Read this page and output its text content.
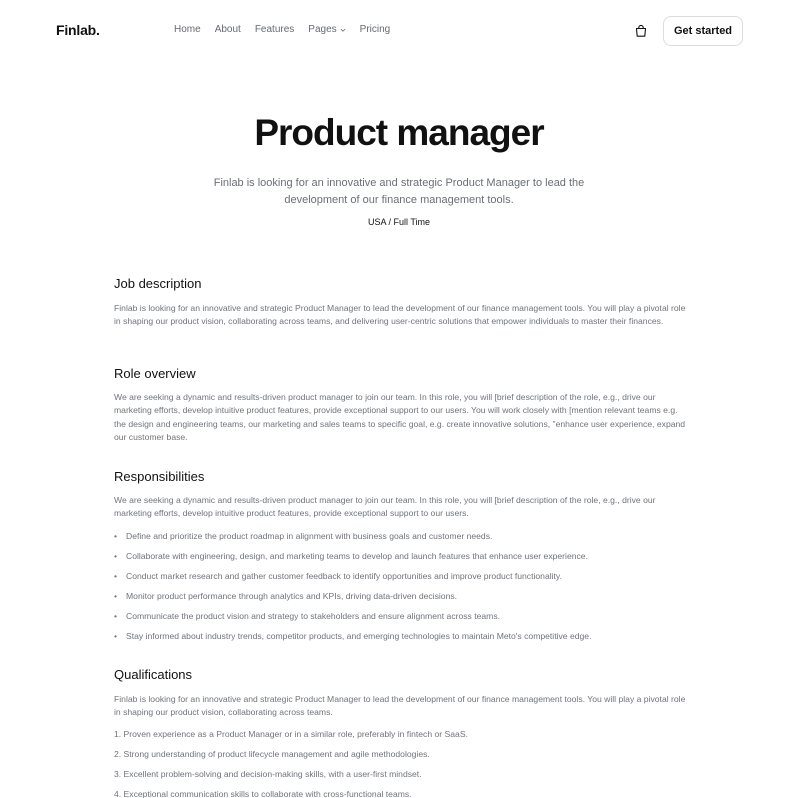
Finlab.	Home About Features Pages Pricing	Get started
Product manager

Finlab is looking for an innovative and strategic Product Manager to lead the development of our finance management tools.

USA / Full Time
Job description

Finlab is looking for an innovative and strategic Product Manager to lead the development of our finance management tools. You will play a pivotal role in shaping our product vision, collaborating across teams, and delivering user-centric solutions that empower individuals to master their finances.

Role overview

We are seeking a dynamic and results-driven product manager to join our team. In this role, you will [brief description of the role, e.g., drive our marketing efforts, develop intuitive product features, provide exceptional support to our users. You will work closely with [mention relevant teams e.g. the design and engineering teams, our marketing and sales teams to specific goal, e.g. create innovative solutions, "enhance user experience, expand our customer base.

Responsibilities

We are seeking a dynamic and results-driven product manager to join our team. In this role, you will [brief description of the role, e.g., drive our marketing efforts, develop intuitive product features, provide exceptional support to our users.

• Define and prioritize the product roadmap in alignment with business goals and customer needs.
• Collaborate with engineering, design, and marketing teams to develop and launch features that enhance user experience.
• Conduct market research and gather customer feedback to identify opportunities and improve product functionality.
• Monitor product performance through analytics and KPIs, driving data-driven decisions.
• Communicate the product vision and strategy to stakeholders and ensure alignment across teams.
• Stay informed about industry trends, competitor products, and emerging technologies to maintain Meto's competitive edge.
Qualifications

Finlab is looking for an innovative and strategic Product Manager to lead the development of our finance management tools. You will play a pivotal role in shaping our product vision, collaborating across teams.

1. Proven experience as a Product Manager or in a similar role, preferably in fintech or SaaS.
2. Strong understanding of product lifecycle management and agile methodologies.
3. Excellent problem-solving and decision-making skills, with a user-first mindset.
4. Exceptional communication skills to collaborate with cross-functional teams.
